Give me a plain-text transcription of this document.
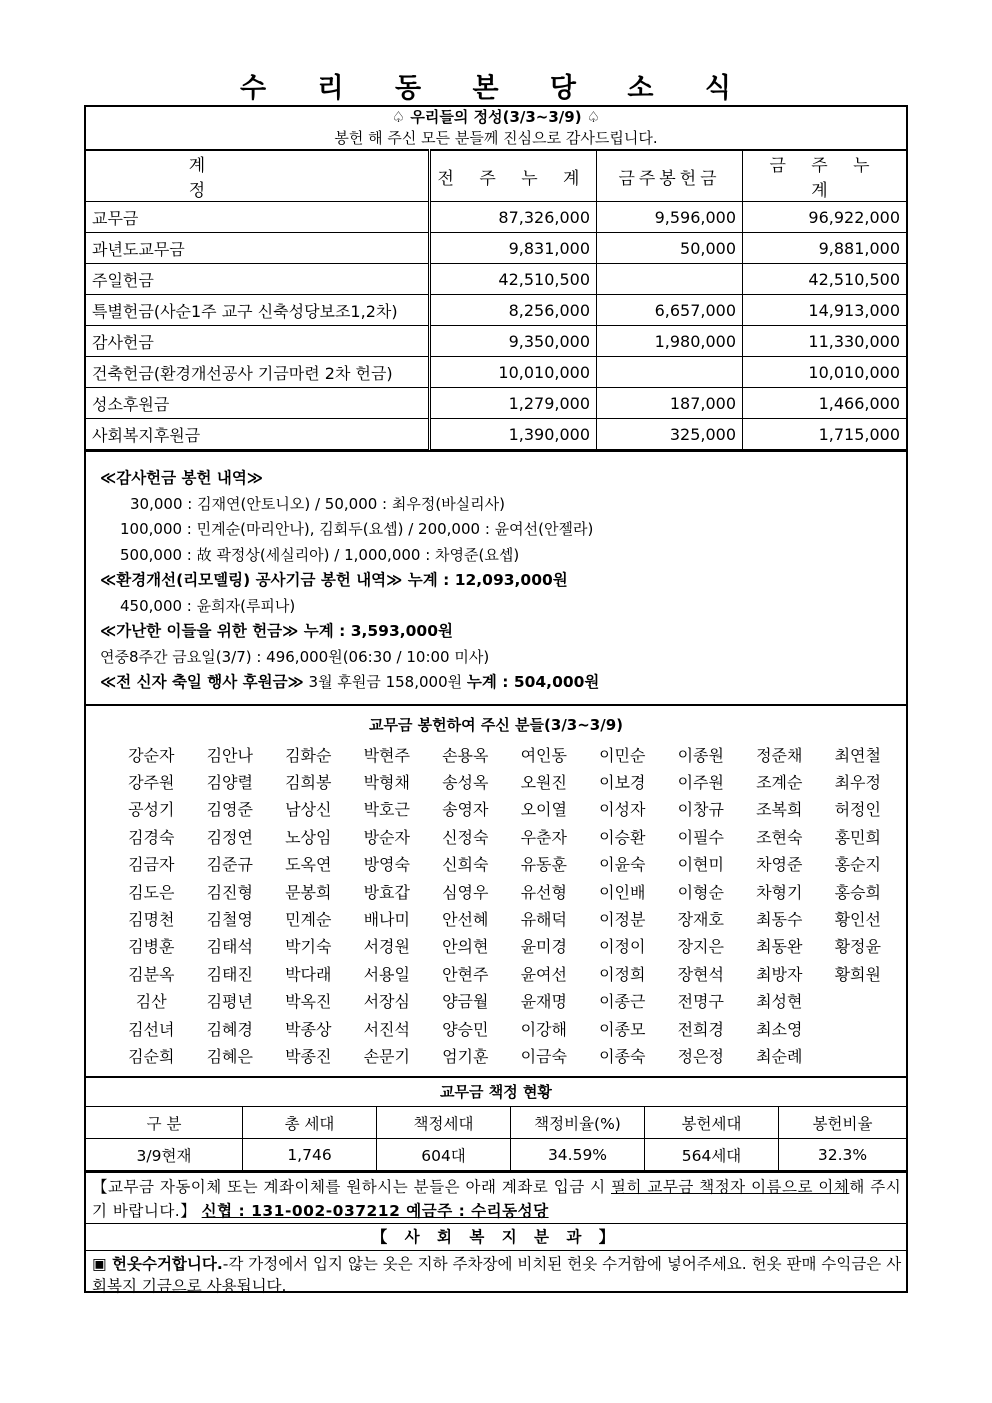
수 리 동 본 당 소 식
♤ 우리들의 정성(3/3~3/9) ♤
봉헌 해 주신 모든 분들께 진심으로 감사드립니다.
계 정	전 주 누 계	금주봉헌금	금 주 누 계
교무금	87,326,000	9,596,000	96,922,000
과년도교무금	9,831,000	50,000	9,881,000
주일헌금	42,510,500		42,510,500
특별헌금(사순1주 교구 신축성당보조1,2차)	8,256,000	6,657,000	14,913,000
감사헌금	9,350,000	1,980,000	11,330,000
건축헌금(환경개선공사 기금마련 2차 헌금)	10,010,000		10,010,000
성소후원금	1,279,000	187,000	1,466,000
사회복지후원금	1,390,000	325,000	1,715,000
≪감사헌금 봉헌 내역≫
30,000 : 김재연(안토니오) / 50,000 : 최우정(바실리사)
100,000 : 민계순(마리안나), 김회두(요셉) / 200,000 : 윤여선(안젤라)
500,000 : 故 곽정상(세실리아) / 1,000,000 : 차영준(요셉)
≪환경개선(리모델링) 공사기금 봉헌 내역≫ 누계 : 12,093,000원
450,000 : 윤희자(루피나)
≪가난한 이들을 위한 헌금≫ 누계 : 3,593,000원
연중8주간 금요일(3/7) : 496,000원(06:30 / 10:00 미사)
≪전 신자 축일 행사 후원금≫ 3월 후원금 158,000원 누계 : 504,000원
교무금 봉헌하여 주신 분들(3/3~3/9)
강순자	김안나	김화순	박현주	손용옥	여인동	이민순	이종원	정준채	최연철
강주원	김양렬	김희봉	박형채	송성옥	오원진	이보경	이주원	조계순	최우정
공성기	김영준	남상신	박호근	송영자	오이열	이성자	이창규	조복희	허정인
김경숙	김정연	노상임	방순자	신정숙	우춘자	이승환	이필수	조현숙	홍민희
김금자	김준규	도옥연	방영숙	신희숙	유동훈	이윤숙	이현미	차영준	홍순지
김도은	김진형	문봉희	방효갑	심영우	유선형	이인배	이형순	차형기	홍승희
김명천	김철영	민계순	배나미	안선혜	유해덕	이정분	장재호	최동수	황인선
김병훈	김태석	박기숙	서경원	안의현	윤미경	이정이	장지은	최동완	황정윤
김분옥	김태진	박다래	서용일	안현주	윤여선	이정희	장현석	최방자	황희원
김산	김평년	박옥진	서장심	양금월	윤재명	이종근	전명구	최성현
김선녀	김혜경	박종상	서진석	양승민	이강해	이종모	전희경	최소영
김순희	김혜은	박종진	손문기	엄기훈	이금숙	이종숙	정은정	최순례
교무금 책정 현황
구 분	총 세대	책정세대	책정비율(%)	봉헌세대	봉헌비율
3/9현재	1,746	604대	34.59%	564세대	32.3%
【교무금 자동이체 또는 계좌이체를 원하시는 분들은 아래 계좌로 입금 시 필히 교무금 책정자 이름으로 이체해 주시기 바랍니다.】 신협 : 131-002-037212 예금주 : 수리동성당
【 사 회 복 지 분 과 】
▣ 헌옷수거합니다.-각 가정에서 입지 않는 옷은 지하 주차장에 비치된 헌옷 수거함에 넣어주세요. 헌옷 판매 수익금은 사회복지 기금으로 사용됩니다.
